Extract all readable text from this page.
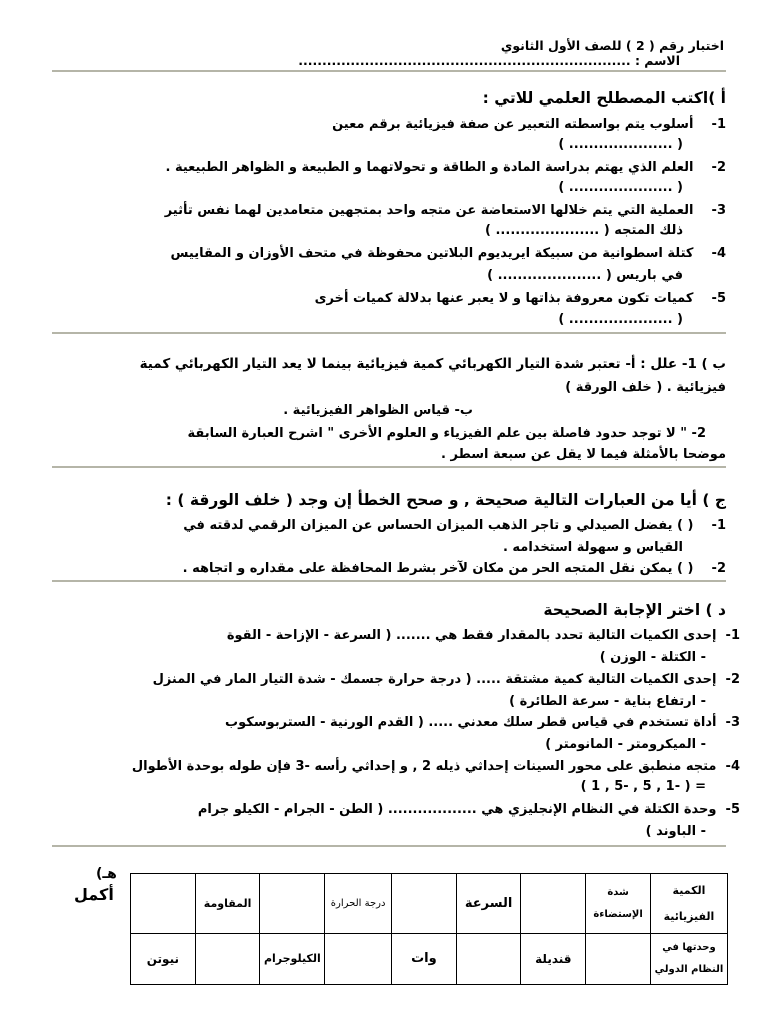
اختبار رقم ( 2 ) للصف الأول الثانوي
الاسم : ......................................................................
أ )اكتب المصطلح العلمي للاتي :
1-    أسلوب يتم بواسطته التعبير عن صفة فيزيائية برقم معين
( ..................... )
2-    العلم الذي يهتم بدراسة المادة و الطاقة و تحولاتهما و الطبيعة و الظواهر الطبيعية .
( ..................... )
3-    العملية التي يتم خلالها الاستعاضة عن متجه واحد بمتجهين متعامدين لهما نفس تأثير
ذلك المتجه ( ..................... )
4-    كتلة اسطوانية من سبيكة ايريديوم البلاتين محفوظة في متحف الأوزان و المقاييس
في باريس ( ..................... )
5-    كميات تكون معروفة بذاتها و لا يعبر عنها بدلالة كميات أخرى
( ..................... )
ب ) 1- علل : أ- تعتبر شدة التيار الكهربائي كمية فيزيائية بينما لا يعد التيار الكهربائي كمية
فيزيائية . ( خلف الورقة )
ب- قياس الظواهر الفيزيائية .
2- " لا توجد حدود فاصلة بين علم الفيزياء و العلوم الأخرى " اشرح العبارة السابقة
موضحا بالأمثلة فيما لا يقل عن سبعة اسطر .
ج ) أيا من العبارات التالية صحيحة , و صحح الخطأ إن وجد ( خلف الورقة ) :
1-    ( ) يفضل الصيدلي و تاجر الذهب الميزان الحساس عن الميزان الرقمي لدقته في
القياس و سهولة استخدامه .
2-    ( ) يمكن نقل المتجه الحر من مكان لآخر بشرط المحافظة على مقداره و اتجاهه .
د ) اختر الإجابة الصحيحة
1-  إحدى الكميات التالية تحدد بالمقدار فقط هي ....... ( السرعة - الإزاحة - القوة
- الكتلة - الوزن )
2-  إحدى الكميات التالية كمية مشتقة ..... ( درجة حرارة جسمك - شدة التيار المار في المنزل
- ارتفاع بناية - سرعة الطائرة )
3-  أداة تستخدم في قياس قطر سلك معدني ..... ( القدم الورنية - الستربوسكوب
- الميكرومتر - المانومتر )
4-  متجه منطبق على محور السينات إحداثي ذيله 2 , و إحداثي رأسه -3 فإن طوله بوحدة الأطوال
= ( -1 , 5 , -5 , 1 )
5-  وحدة الكتلة في النظام الإنجليزي هي .................. ( الطن - الجرام - الكيلو جرام
- الباوند )
هـ)
أكمل	الكمية الفيزيائية	شدة الإستضاءة		السرعة		درجة الحرارة		المقاومة	
وحدتها في النظام الدولي		قنديلة		وات		الكيلوجرام		نيوتن
